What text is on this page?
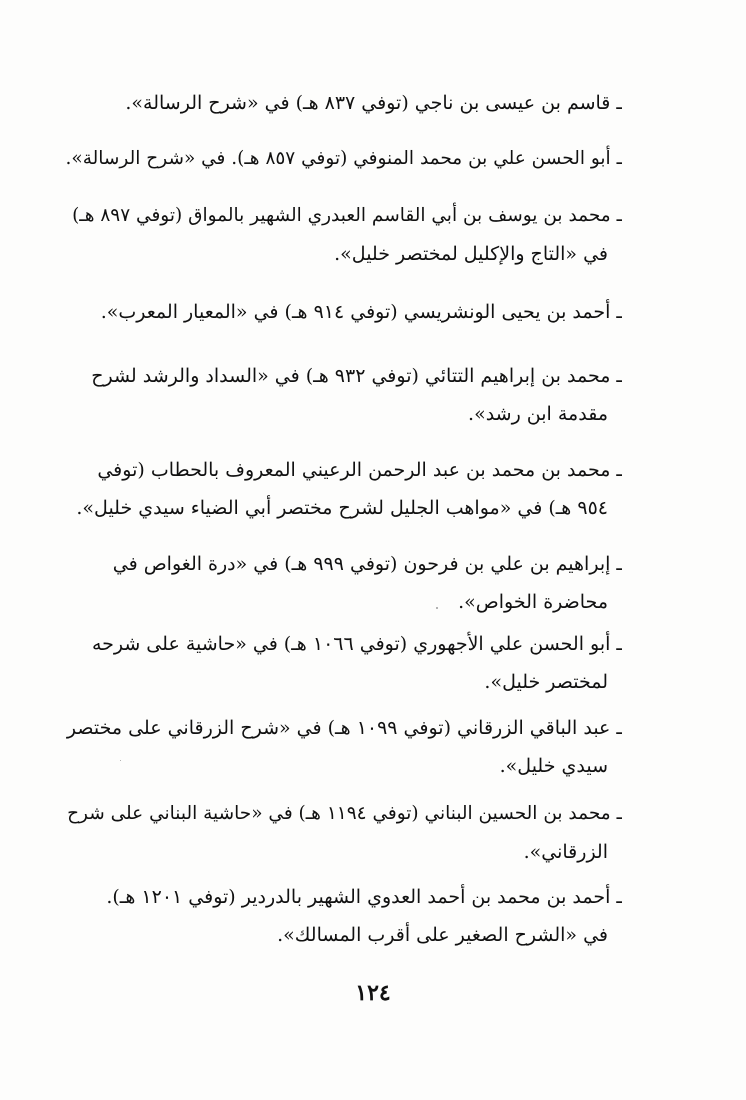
ـ قاسم بن عيسى بن ناجي (توفي ٨٣٧ هـ) في «شرح الرسالة».
ـ أبو الحسن علي بن محمد المنوفي (توفي ٨٥٧ هـ). في «شرح الرسالة».
ـ محمد بن يوسف بن أبي القاسم العبدري الشهير بالمواق (توفي ٨٩٧ هـ)
في «التاج والإكليل لمختصر خليل».
ـ أحمد بن يحيى الونشريسي (توفي ٩١٤ هـ) في «المعيار المعرب».
ـ محمد بن إبراهيم التتائي (توفي ٩٣٢ هـ) في «السداد والرشد لشرح
مقدمة ابن رشد».
ـ محمد بن محمد بن عبد الرحمن الرعيني المعروف بالحطاب (توفي
٩٥٤ هـ) في «مواهب الجليل لشرح مختصر أبي الضياء سيدي خليل».
ـ إبراهيم بن علي بن فرحون (توفي ٩٩٩ هـ) في «درة الغواص في
محاضرة الخواص».
ـ أبو الحسن علي الأجهوري (توفي ١٠٦٦ هـ) في «حاشية على شرحه
لمختصر خليل».
ـ عبد الباقي الزرقاني (توفي ١٠٩٩ هـ) في «شرح الزرقاني على مختصر
سيدي خليل».
ـ محمد بن الحسين البناني (توفي ١١٩٤ هـ) في «حاشية البناني على شرح
الزرقاني».
ـ أحمد بن محمد بن أحمد العدوي الشهير بالدردير (توفي ١٢٠١ هـ).
في «الشرح الصغير على أقرب المسالك».
١٢٤
